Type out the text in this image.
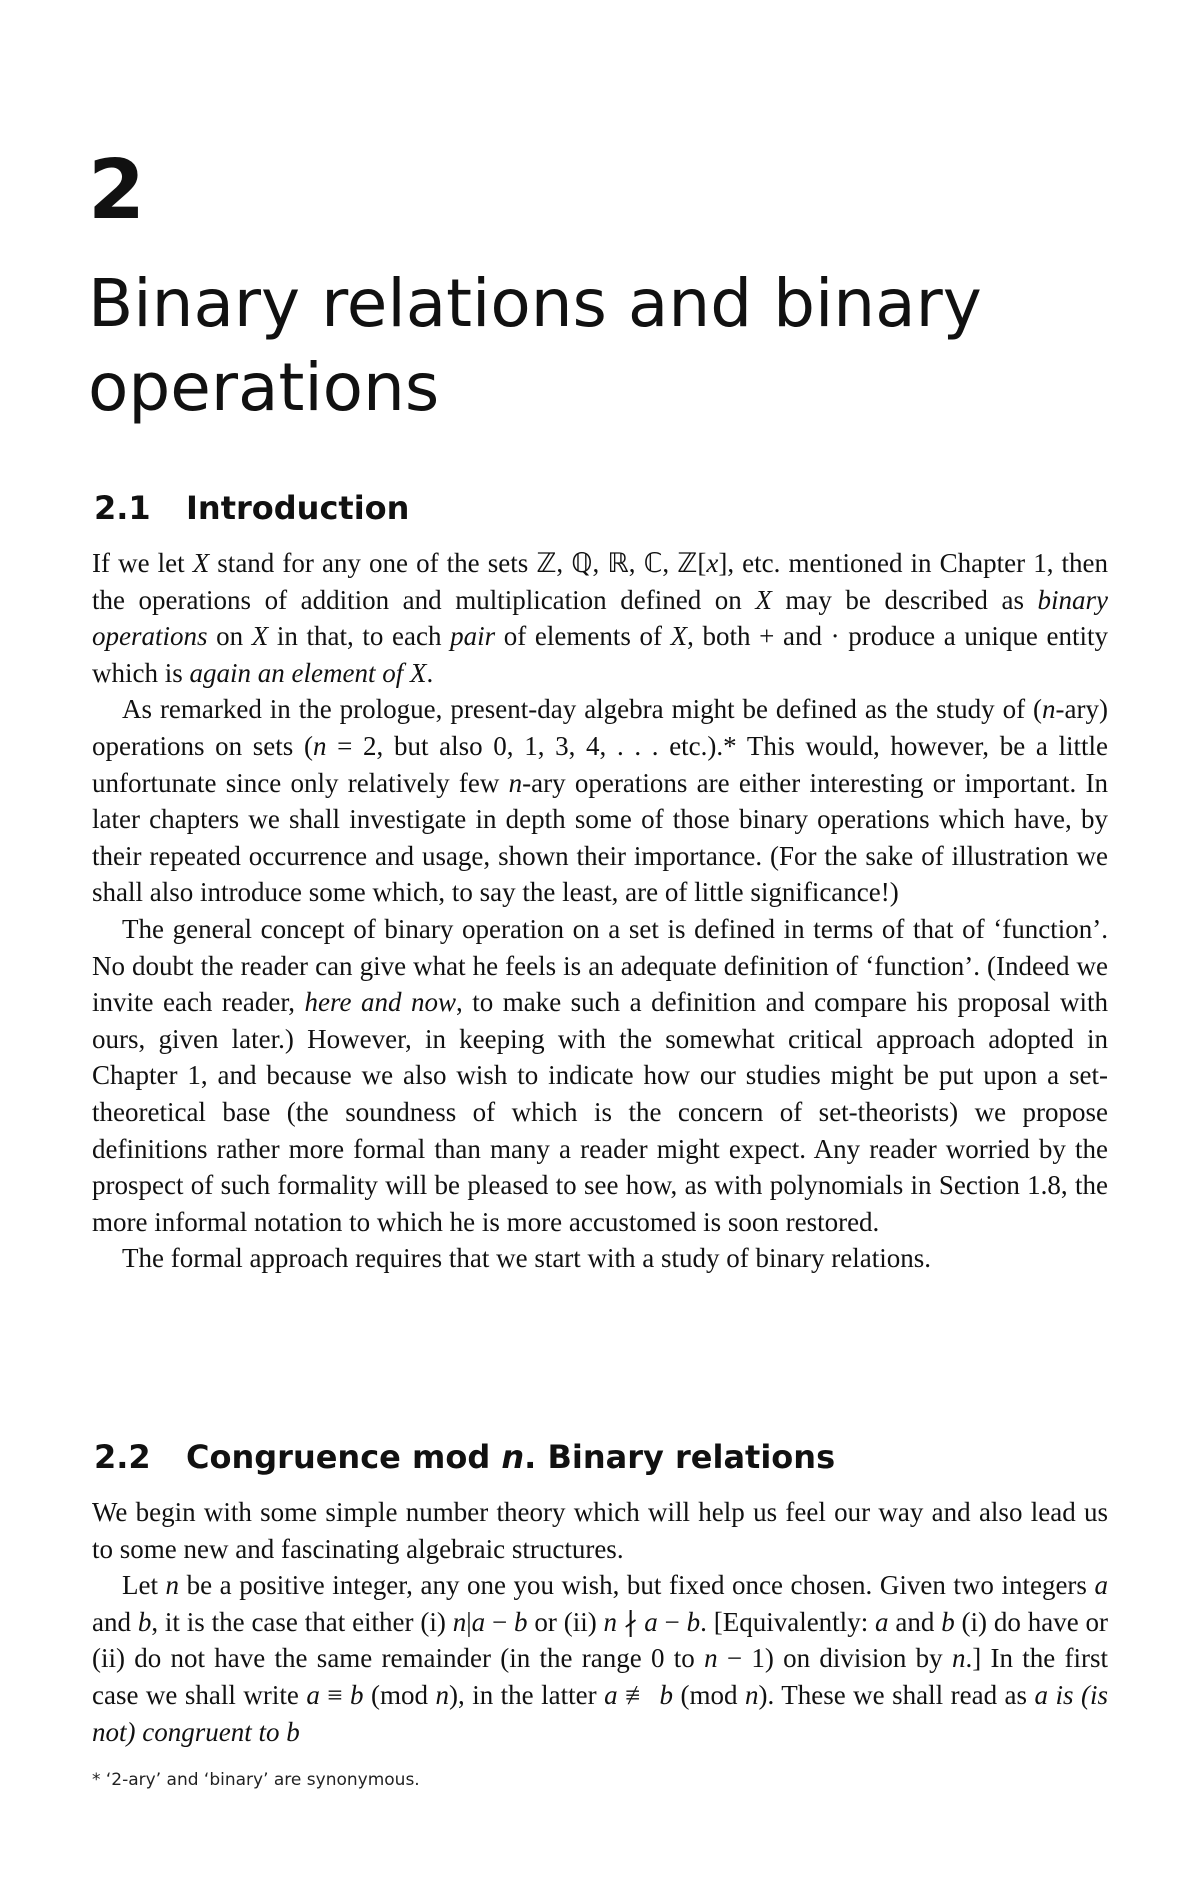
2
Binary relations and binary operations
2.1 Introduction

If we let X stand for any one of the sets ℤ, ℚ, ℝ, ℂ, ℤ[x], etc. mentioned in Chapter 1, then the operations of addition and multiplication defined on X may be described as binary operations on X in that, to each pair of elements of X, both + and · produce a unique entity which is again an element of X.

As remarked in the prologue, present-day algebra might be defined as the study of (n-ary) operations on sets (n = 2, but also 0, 1, 3, 4, . . . etc.).* This would, however, be a little unfortunate since only relatively few n-ary operations are either interesting or important. In later chapters we shall investigate in depth some of those binary operations which have, by their repeated occurrence and usage, shown their importance. (For the sake of illustration we shall also introduce some which, to say the least, are of little significance!)

The general concept of binary operation on a set is defined in terms of that of ‘function’. No doubt the reader can give what he feels is an adequate definition of ‘function’. (Indeed we invite each reader, here and now, to make such a definition and compare his proposal with ours, given later.) However, in keeping with the somewhat critical approach adopted in Chapter 1, and because we also wish to indicate how our studies might be put upon a set-theoretical base (the soundness of which is the concern of set-theorists) we propose definitions rather more formal than many a reader might expect. Any reader worried by the prospect of such formality will be pleased to see how, as with polynomials in Section 1.8, the more informal notation to which he is more accustomed is soon restored.

The formal approach requires that we start with a study of binary relations.

2.2 Congruence mod n. Binary relations

We begin with some simple number theory which will help us feel our way and also lead us to some new and fascinating algebraic structures.

Let n be a positive integer, any one you wish, but fixed once chosen. Given two integers a and b, it is the case that either (i) n|a − b or (ii) n ∤ a − b. [Equivalently: a and b (i) do have or (ii) do not have the same remainder (in the range 0 to n − 1) on division by n.] In the first case we shall write a ≡ b (mod n), in the latter a ≢ b (mod n). These we shall read as a is (is not) congruent to b

* ‘2-ary’ and ‘binary’ are synonymous.
